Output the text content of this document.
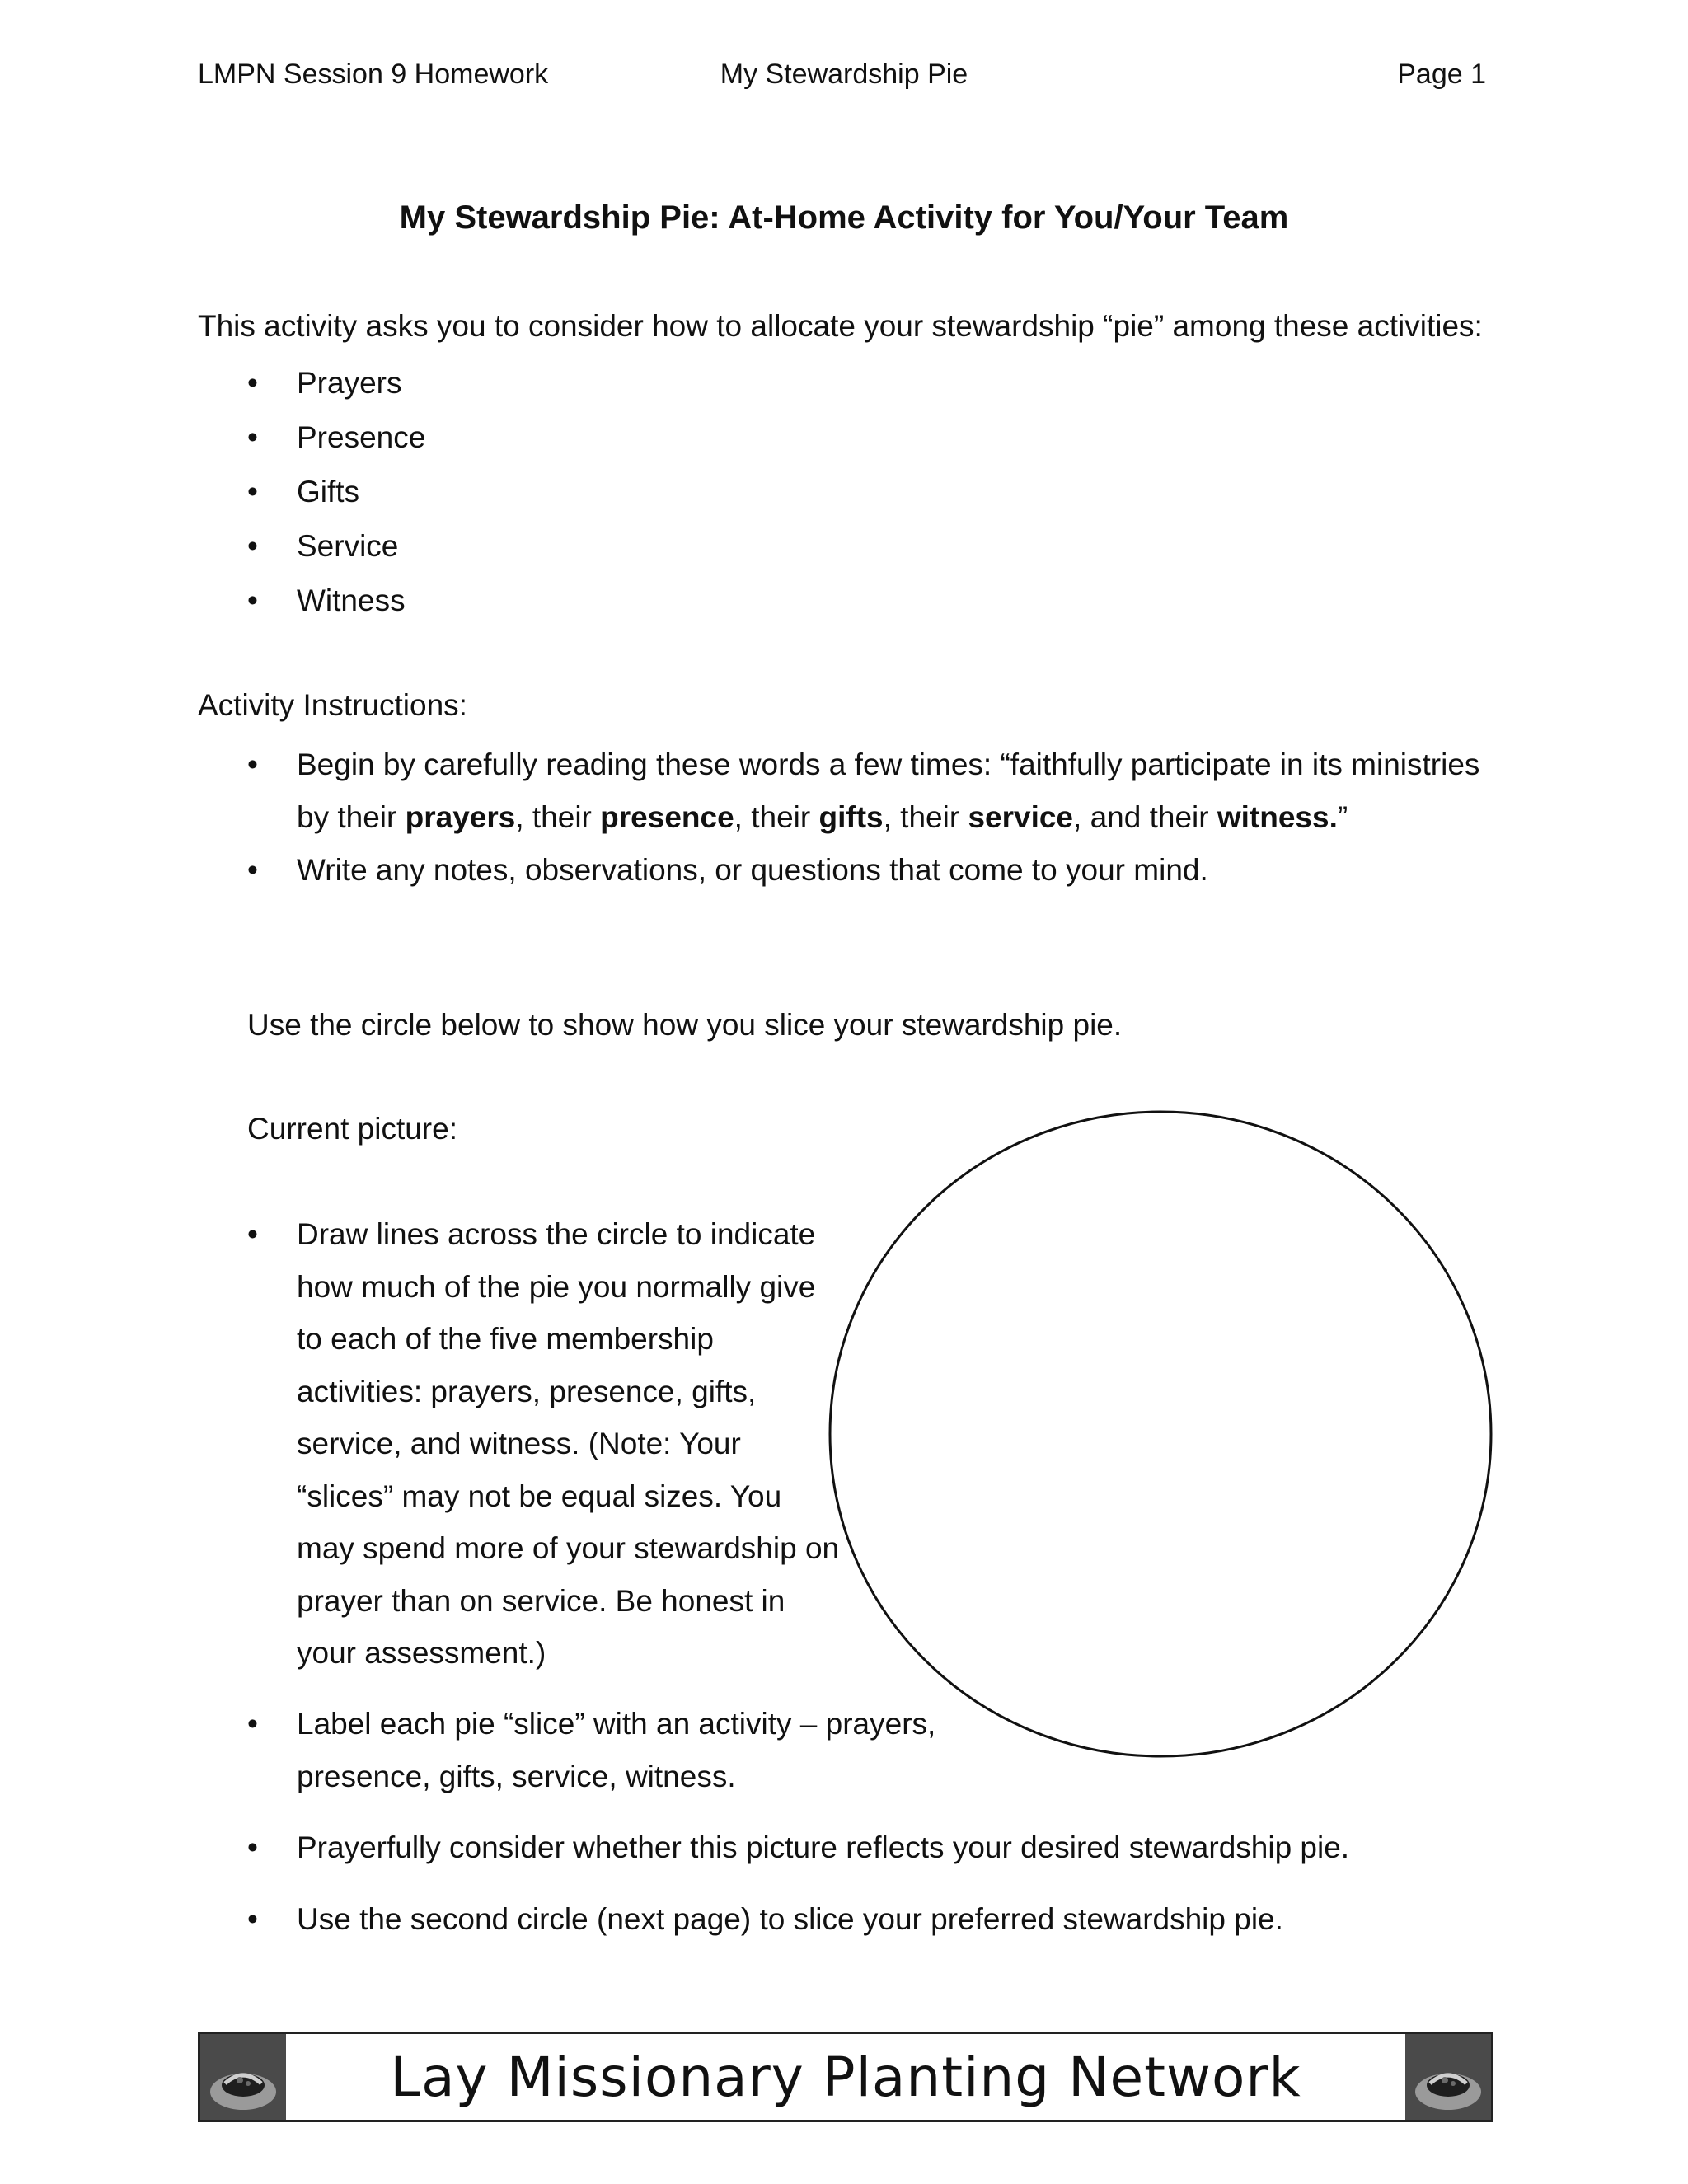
LMPN Session 9 Homework	My Stewardship Pie	Page 1
My Stewardship Pie: At-Home Activity for You/Your Team
This activity asks you to consider how to allocate your stewardship “pie” among these activities:
• Prayers
• Presence
• Gifts
• Service
• Witness
Activity Instructions:
• Begin by carefully reading these words a few times: “faithfully participate in its ministries by their prayers, their presence, their gifts, their service, and their witness.”
• Write any notes, observations, or questions that come to your mind.
Use the circle below to show how you slice your stewardship pie.
Current picture:
• Draw lines across the circle to indicate how much of the pie you normally give to each of the five membership activities: prayers, presence, gifts, service, and witness. (Note: Your “slices” may not be equal sizes. You may spend more of your stewardship on prayer than on service. Be honest in your assessment.)
• Label each pie “slice” with an activity – prayers, presence, gifts, service, witness.
• Prayerfully consider whether this picture reflects your desired stewardship pie.
• Use the second circle (next page) to slice your preferred stewardship pie.
Lay Missionary Planting Network
